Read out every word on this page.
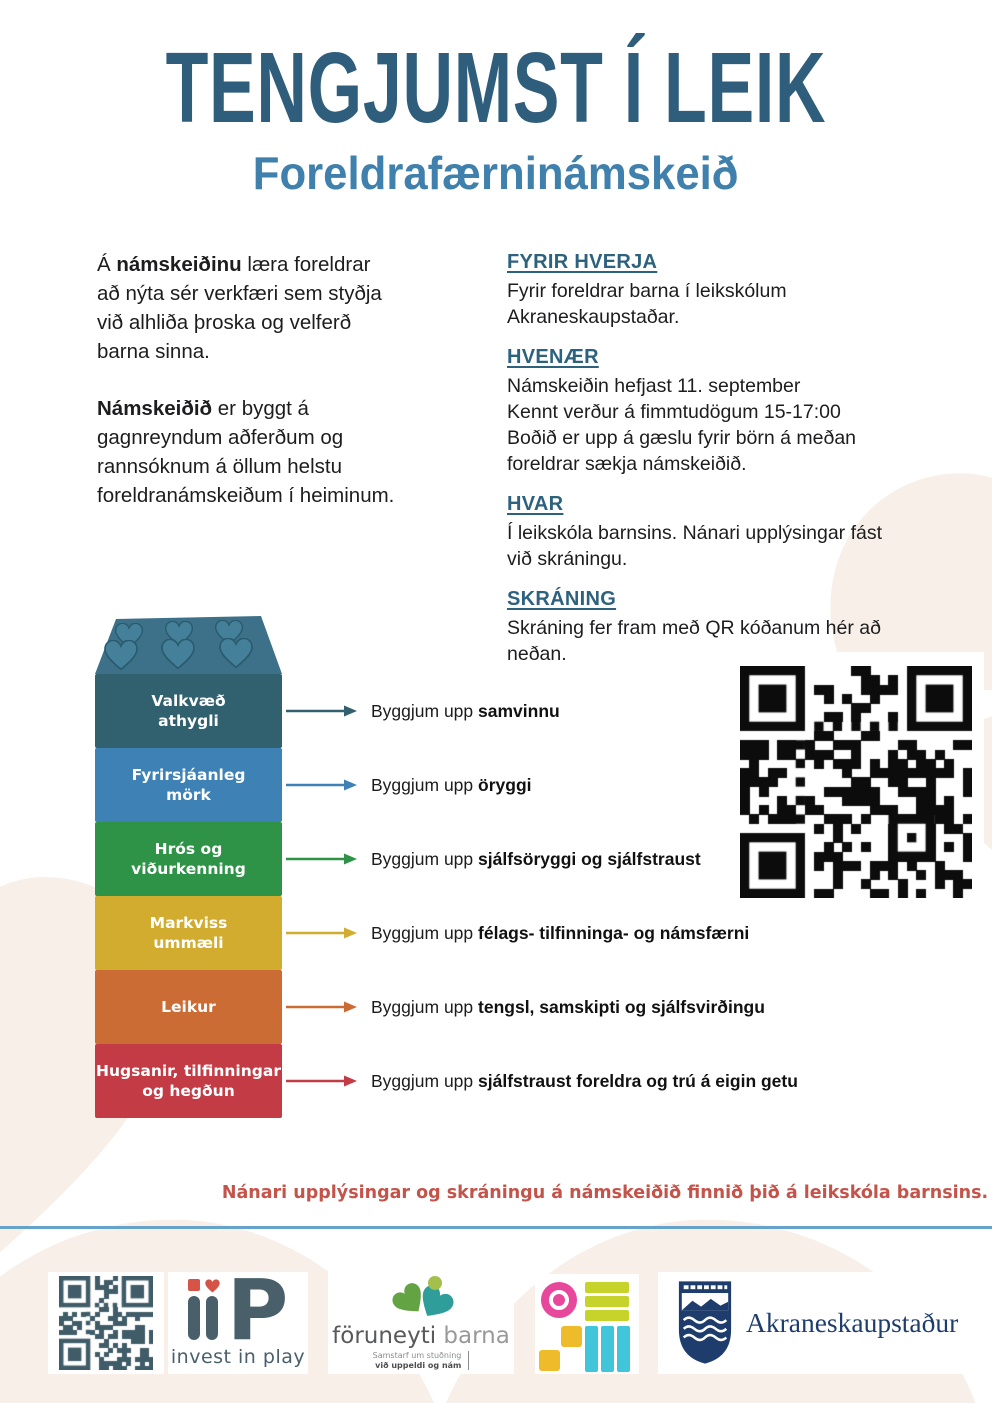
TENGJUMST Í LEIK
Foreldrafærninámskeið

Á námskeiðinu læra foreldrar
að nýta sér verkfæri sem styðja
við alhliða þroska og velferð
barna sinna.

Námskeiðið er byggt á
gagnreyndum aðferðum og
rannsóknum á öllum helstu
foreldranámskeiðum í heiminum.

FYRIR HVERJA

Fyrir foreldrar barna í leikskólum
Akraneskaupstaðar.

HVENÆR

Námskeiðin hefjast 11. september
Kennt verður á fimmtudögum 15-17:00
Boðið er upp á gæslu fyrir börn á meðan
foreldrar sækja námskeiðið.

HVAR

Í leikskóla barnsins. Nánari upplýsingar fást
við skráningu.

SKRÁNING

Skráning fer fram með QR kóðanum hér að
neðan.

Valkvæð
athygli
Fyrirsjáanleg
mörk
Hrós og
viðurkenning
Markviss
ummæli
Leikur
Hugsanir, tilfinningar
og hegðun
Byggjum upp samvinnu
Byggjum upp öryggi
Byggjum upp sjálfsöryggi og sjálfstraust
Byggjum upp félags- tilfinninga- og námsfærni
Byggjum upp tengsl, samskipti og sjálfsvirðingu
Byggjum upp sjálfstraust foreldra og trú á eigin getu
Nánari upplýsingar og skráningu á námskeiðið finnið þið á leikskóla barnsins.
P
invest in play
föruneyti barna
Samstarf um stuðning
við uppeldi og nám
Akraneskaupstaður
